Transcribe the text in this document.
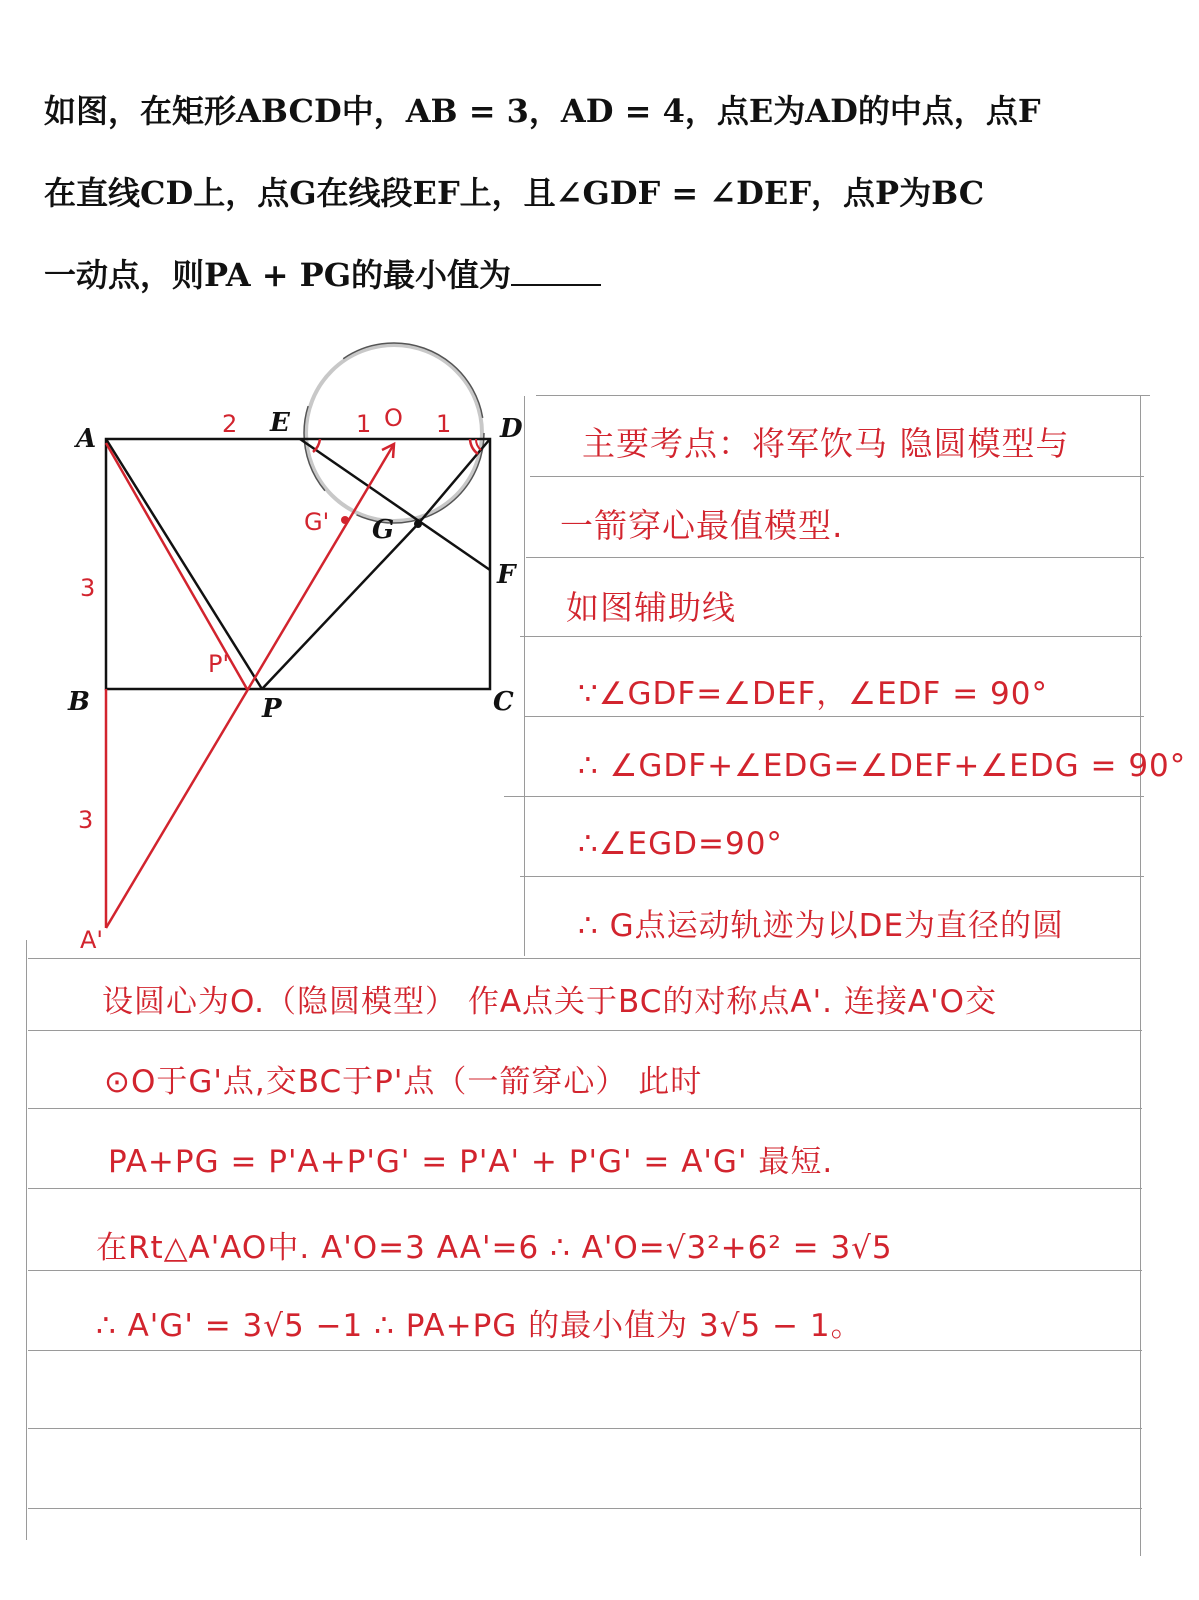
如图，在矩形ABCD中，AB = 3，AD = 4，点E为AD的中点，点F
在直线CD上，点G在线段EF上，且∠GDF = ∠DEF，点P为BC
一动点，则PA + PG的最小值为
A
B	C
D
E
F
G
P
G'
P'
A'
2	1 O 1
3
3
主要考点：将军饮马 隐圆模型与
一箭穿心最值模型.
如图辅助线
∵∠GDF=∠DEF，∠EDF = 90°
∴ ∠GDF+∠EDG=∠DEF+∠EDG = 90°
∴∠EGD=90°
∴ G点运动轨迹为以DE为直径的圆
设圆心为O.（隐圆模型） 作A点关于BC的对称点A'. 连接A'O交
⊙O于G'点,交BC于P'点（一箭穿心） 此时
PA+PG = P'A+P'G' = P'A' + P'G' = A'G' 最短.
在Rt△A'AO中. A'O=3 AA'=6 ∴ A'O=√3²+6² = 3√5
∴ A'G' = 3√5 −1 ∴ PA+PG 的最小值为 3√5 − 1。
